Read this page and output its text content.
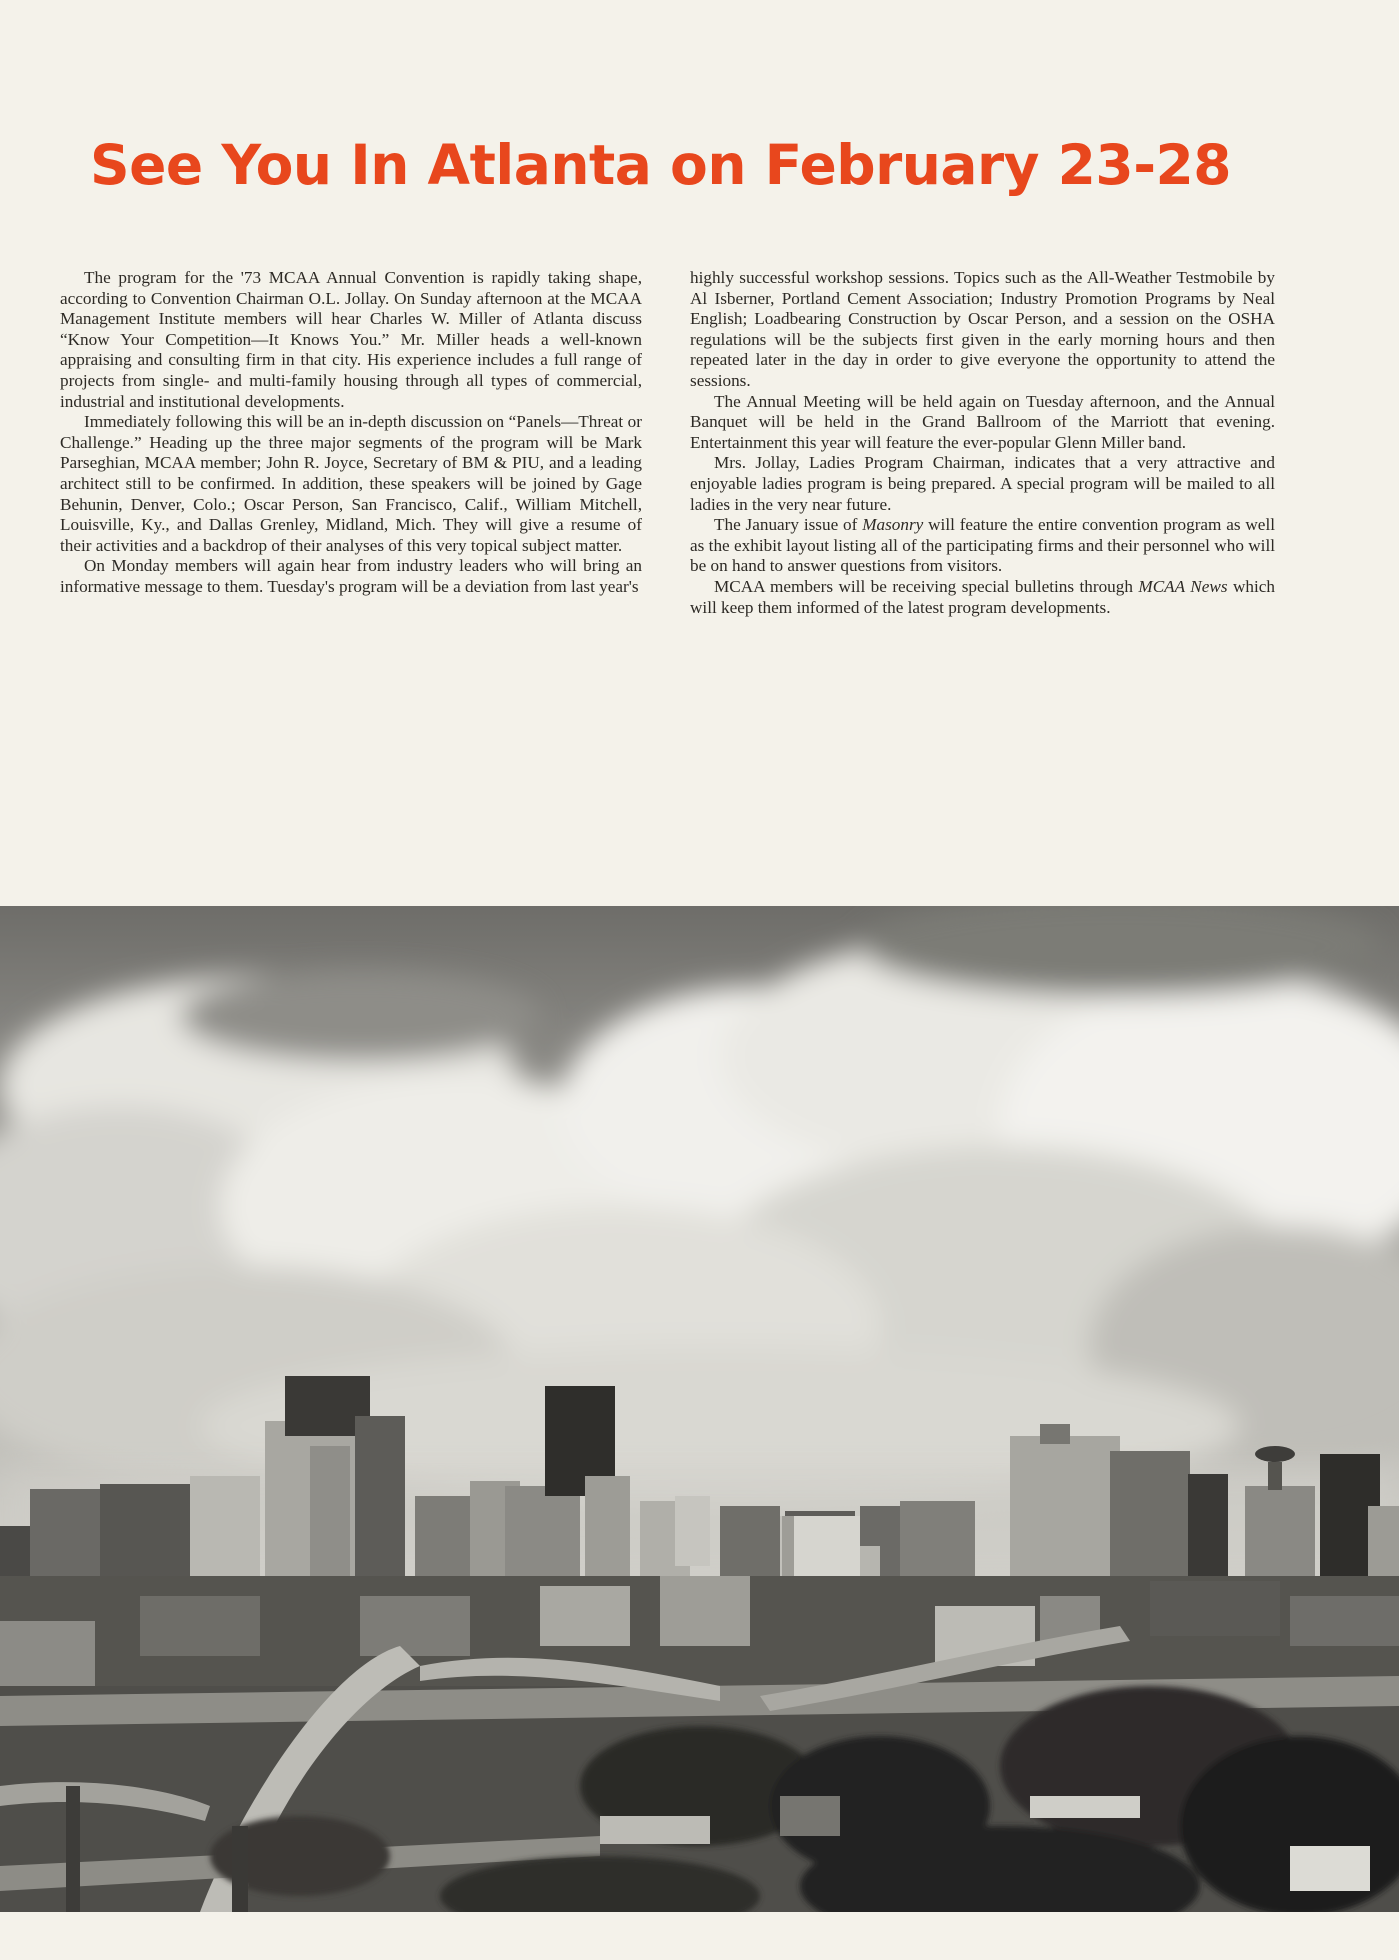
See You In Atlanta on February 23-28

The program for the '73 MCAA Annual Convention is rapidly taking shape, according to Convention Chairman O.L. Jollay. On Sunday afternoon at the MCAA Management Institute members will hear Charles W. Miller of Atlanta discuss “Know Your Competition—It Knows You.” Mr. Miller heads a well-known appraising and consulting firm in that city. His experience includes a full range of projects from single- and multi-family housing through all types of commercial, industrial and institutional developments.

Immediately following this will be an in-depth discussion on “Panels—Threat or Challenge.” Heading up the three major segments of the program will be Mark Parseghian, MCAA member; John R. Joyce, Secretary of BM & PIU, and a leading architect still to be confirmed. In addition, these speakers will be joined by Gage Behunin, Denver, Colo.; Oscar Person, San Francisco, Calif., William Mitchell, Louisville, Ky., and Dallas Grenley, Midland, Mich. They will give a resume of their activities and a backdrop of their analyses of this very topical subject matter.

On Monday members will again hear from industry leaders who will bring an informative message to them. Tuesday's program will be a deviation from last year's

highly successful workshop sessions. Topics such as the All-Weather Testmobile by Al Isberner, Portland Cement Association; Industry Promotion Programs by Neal English; Loadbearing Construction by Oscar Person, and a session on the OSHA regulations will be the subjects first given in the early morning hours and then repeated later in the day in order to give everyone the opportunity to attend the sessions.

The Annual Meeting will be held again on Tuesday afternoon, and the Annual Banquet will be held in the Grand Ballroom of the Marriott that evening. Entertainment this year will feature the ever-popular Glenn Miller band.

Mrs. Jollay, Ladies Program Chairman, indicates that a very attractive and enjoyable ladies program is being prepared. A special program will be mailed to all ladies in the very near future.

The January issue of Masonry will feature the entire convention program as well as the exhibit layout listing all of the participating firms and their personnel who will be on hand to answer questions from visitors.

MCAA members will be receiving special bulletins through MCAA News which will keep them informed of the latest program developments.
